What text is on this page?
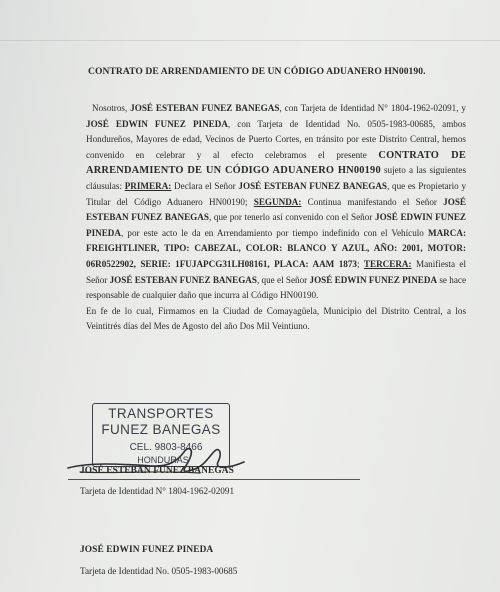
CONTRATO DE ARRENDAMIENTO DE UN CÓDIGO ADUANERO HN00190.

Nosotros, JOSÉ ESTEBAN FUNEZ BANEGAS, con Tarjeta de Identidad N° 1804-1962-02091, y JOSÉ EDWIN FUNEZ PINEDA, con Tarjeta de Identidad No. 0505-1983-00685, ambos Hondureños, Mayores de edad, Vecinos de Puerto Cortes, en tránsito por este Distrito Central, hemos convenido en celebrar y al efecto celebramos el presente CONTRATO DE ARRENDAMIENTO DE UN CÓDIGO ADUANERO HN00190 sujeto a las siguientes cláusulas: PRIMERA: Declara el Señor JOSÉ ESTEBAN FUNEZ BANEGAS, que es Propietario y Titular del Código Aduanero HN00190; SEGUNDA: Continua manifestando el Señor JOSÉ ESTEBAN FUNEZ BANEGAS, que por tenerlo así convenido con el Señor JOSÉ EDWIN FUNEZ PINEDA, por este acto le da en Arrendamiento por tiempo indefinido con el Vehículo MARCA: FREIGHTLINER, TIPO: CABEZAL, COLOR: BLANCO Y AZUL, AÑO: 2001, MOTOR: 06R0522902, SERIE: 1FUJAPCG31LH08161, PLACA: AAM 1873; TERCERA: Manifiesta el Señor JOSÉ ESTEBAN FUNEZ BANEGAS, que el Señor JOSÉ EDWIN FUNEZ PINEDA se hace responsable de cualquier daño que incurra al Código HN00190.

En fe de lo cual, Firmamos en la Ciudad de Comayagüela, Municipio del Distrito Central, a los Veintitrés días del Mes de Agosto del año Dos Mil Veintiuno.

TRANSPORTES
FUNEZ BANEGAS
CEL. 9803-8466
HONDURAS
JOSÉ ESTEBAN FUNEZ BANEGAS
Tarjeta de Identidad N° 1804-1962-02091
JOSÉ EDWIN FUNEZ PINEDA
Tarjeta de Identidad No. 0505-1983-00685
